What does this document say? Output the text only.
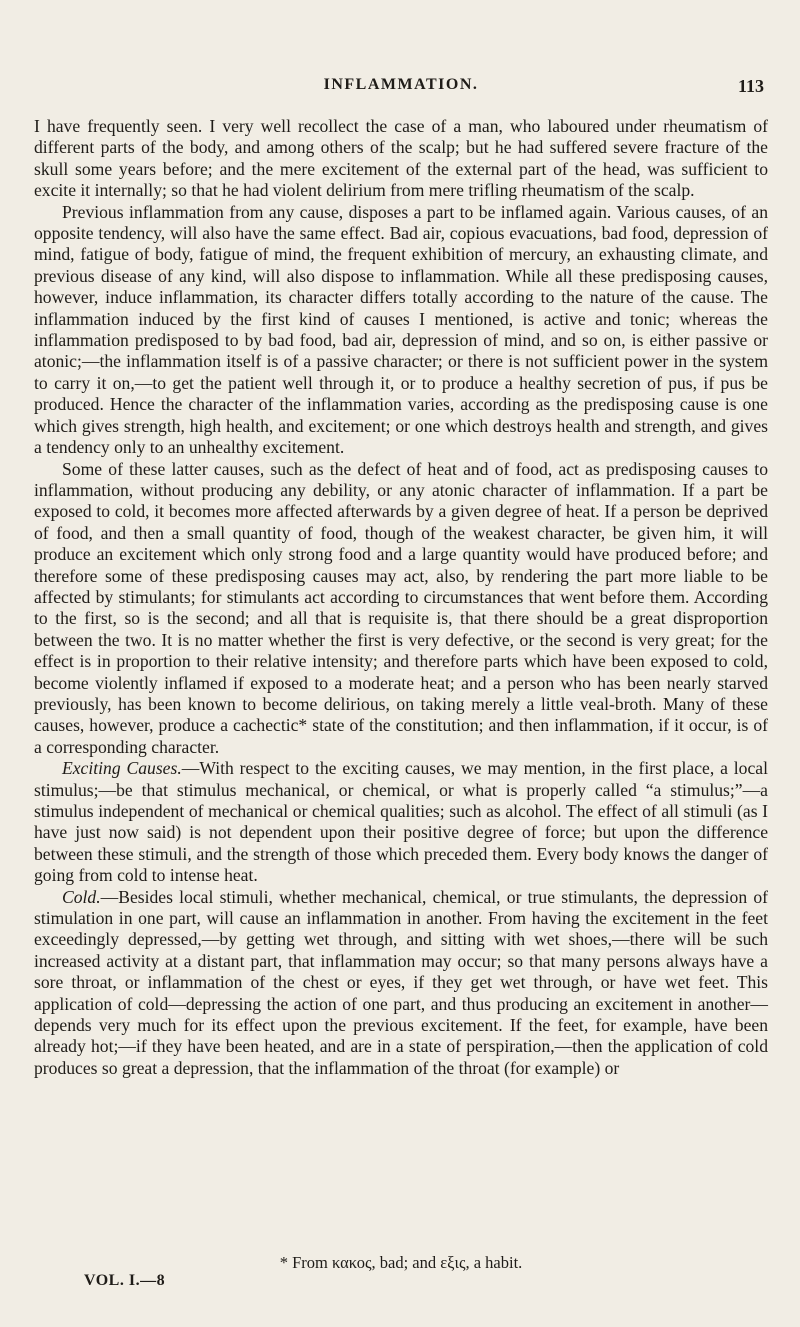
INFLAMMATION.	113

I have frequently seen. I very well recollect the case of a man, who laboured under rheumatism of different parts of the body, and among others of the scalp; but he had suffered severe fracture of the skull some years before; and the mere excitement of the external part of the head, was sufficient to excite it internally; so that he had violent delirium from mere trifling rheumatism of the scalp.

Previous inflammation from any cause, disposes a part to be inflamed again. Various causes, of an opposite tendency, will also have the same effect. Bad air, copious evacuations, bad food, depression of mind, fatigue of body, fatigue of mind, the frequent exhibition of mercury, an exhausting climate, and previous disease of any kind, will also dispose to inflammation. While all these predisposing causes, however, induce inflammation, its character differs totally according to the nature of the cause. The inflammation induced by the first kind of causes I mentioned, is active and tonic; whereas the inflammation predisposed to by bad food, bad air, depression of mind, and so on, is either passive or atonic;—the inflammation itself is of a passive character; or there is not sufficient power in the system to carry it on,—to get the patient well through it, or to produce a healthy secretion of pus, if pus be produced. Hence the character of the inflammation varies, according as the predisposing cause is one which gives strength, high health, and excitement; or one which destroys health and strength, and gives a tendency only to an unhealthy excitement.

Some of these latter causes, such as the defect of heat and of food, act as predisposing causes to inflammation, without producing any debility, or any atonic character of inflammation. If a part be exposed to cold, it becomes more affected afterwards by a given degree of heat. If a person be deprived of food, and then a small quantity of food, though of the weakest character, be given him, it will produce an excitement which only strong food and a large quantity would have produced before; and therefore some of these predisposing causes may act, also, by rendering the part more liable to be affected by stimulants; for stimulants act according to circumstances that went before them. According to the first, so is the second; and all that is requisite is, that there should be a great disproportion between the two. It is no matter whether the first is very defective, or the second is very great; for the effect is in proportion to their relative intensity; and therefore parts which have been exposed to cold, become violently inflamed if exposed to a moderate heat; and a person who has been nearly starved previously, has been known to become delirious, on taking merely a little veal-broth. Many of these causes, however, produce a cachectic* state of the constitution; and then inflammation, if it occur, is of a corresponding character.

Exciting Causes.—With respect to the exciting causes, we may mention, in the first place, a local stimulus;—be that stimulus mechanical, or chemical, or what is properly called “a stimulus;”—a stimulus independent of mechanical or chemical qualities; such as alcohol. The effect of all stimuli (as I have just now said) is not dependent upon their positive degree of force; but upon the difference between these stimuli, and the strength of those which preceded them. Every body knows the danger of going from cold to intense heat.

Cold.—Besides local stimuli, whether mechanical, chemical, or true stimulants, the depression of stimulation in one part, will cause an inflammation in another. From having the excitement in the feet exceedingly depressed,—by getting wet through, and sitting with wet shoes,—there will be such increased activity at a distant part, that inflammation may occur; so that many persons always have a sore throat, or inflammation of the chest or eyes, if they get wet through, or have wet feet. This application of cold—depressing the action of one part, and thus producing an excitement in another—depends very much for its effect upon the previous excitement. If the feet, for example, have been already hot;—if they have been heated, and are in a state of perspiration,—then the application of cold produces so great a depression, that the inflammation of the throat (for example) or

* From κακος, bad; and εξις, a habit.
VOL. I.—8
